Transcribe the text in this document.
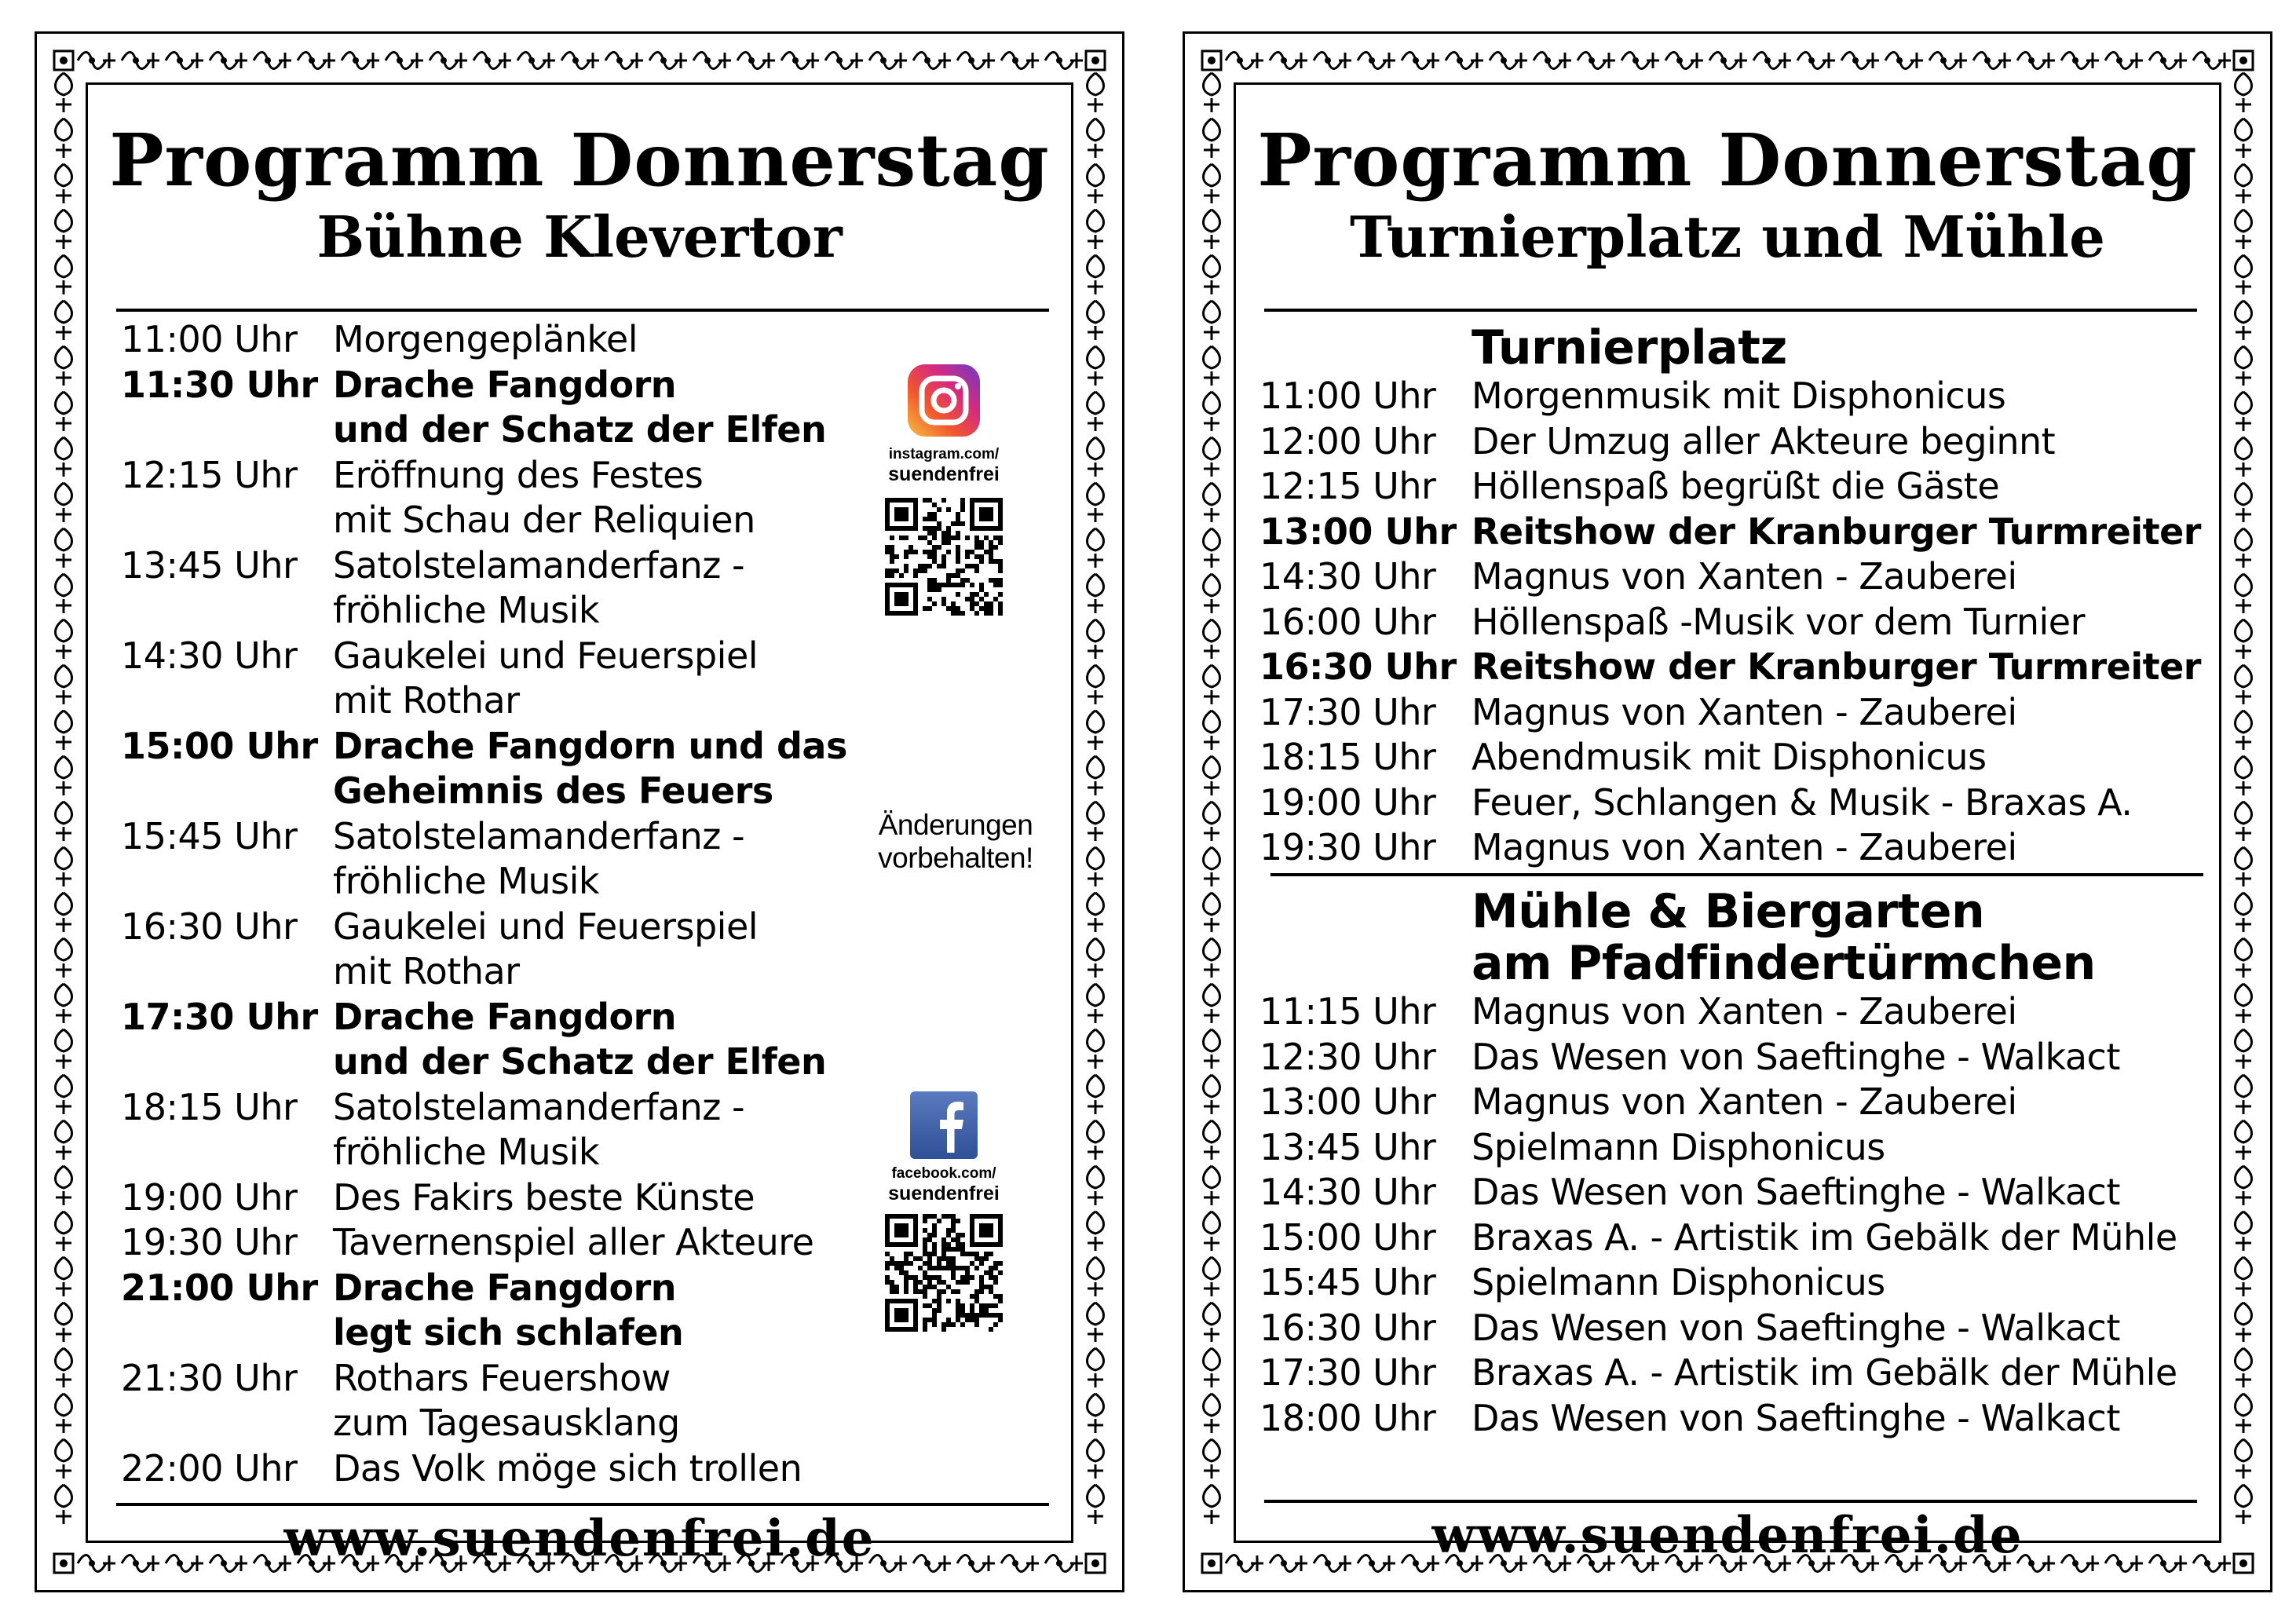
Programm Donnerstag
Bühne Klevertor
11:00 Uhr Morgengeplänkel
11:30 Uhr Drache Fangdorn
und der Schatz der Elfen
12:15 Uhr Eröffnung des Festes
mit Schau der Reliquien
13:45 Uhr Satolstelamanderfanz -
fröhliche Musik
14:30 Uhr Gaukelei und Feuerspiel
mit Rothar
15:00 Uhr Drache Fangdorn und das
Geheimnis des Feuers
15:45 Uhr Satolstelamanderfanz -
fröhliche Musik
16:30 Uhr Gaukelei und Feuerspiel
mit Rothar
17:30 Uhr Drache Fangdorn
und der Schatz der Elfen
18:15 Uhr Satolstelamanderfanz -
fröhliche Musik
19:00 Uhr Des Fakirs beste Künste
19:30 Uhr Tavernenspiel aller Akteure
21:00 Uhr Drache Fangdorn
legt sich schlafen
21:30 Uhr Rothars Feuershow
zum Tagesausklang
22:00 Uhr Das Volk möge sich trollen
instagram.com/
suendenfrei
Änderungen
vorbehalten!
facebook.com/
suendenfrei
www.suendenfrei.de
Programm Donnerstag
Turnierplatz und Mühle
Turnierplatz
11:00 Uhr Morgenmusik mit Disphonicus
12:00 Uhr Der Umzug aller Akteure beginnt
12:15 Uhr Höllenspaß begrüßt die Gäste
13:00 Uhr Reitshow der Kranburger Turmreiter
14:30 Uhr Magnus von Xanten - Zauberei
16:00 Uhr Höllenspaß -Musik vor dem Turnier
16:30 Uhr Reitshow der Kranburger Turmreiter
17:30 Uhr Magnus von Xanten - Zauberei
18:15 Uhr Abendmusik mit Disphonicus
19:00 Uhr Feuer, Schlangen & Musik - Braxas A.
19:30 Uhr Magnus von Xanten - Zauberei
Mühle & Biergarten
am Pfadfindertürmchen
11:15 Uhr Magnus von Xanten - Zauberei
12:30 Uhr Das Wesen von Saeftinghe - Walkact
13:00 Uhr Magnus von Xanten - Zauberei
13:45 Uhr Spielmann Disphonicus
14:30 Uhr Das Wesen von Saeftinghe - Walkact
15:00 Uhr Braxas A. - Artistik im Gebälk der Mühle
15:45 Uhr Spielmann Disphonicus
16:30 Uhr Das Wesen von Saeftinghe - Walkact
17:30 Uhr Braxas A. - Artistik im Gebälk der Mühle
18:00 Uhr Das Wesen von Saeftinghe - Walkact
www.suendenfrei.de
